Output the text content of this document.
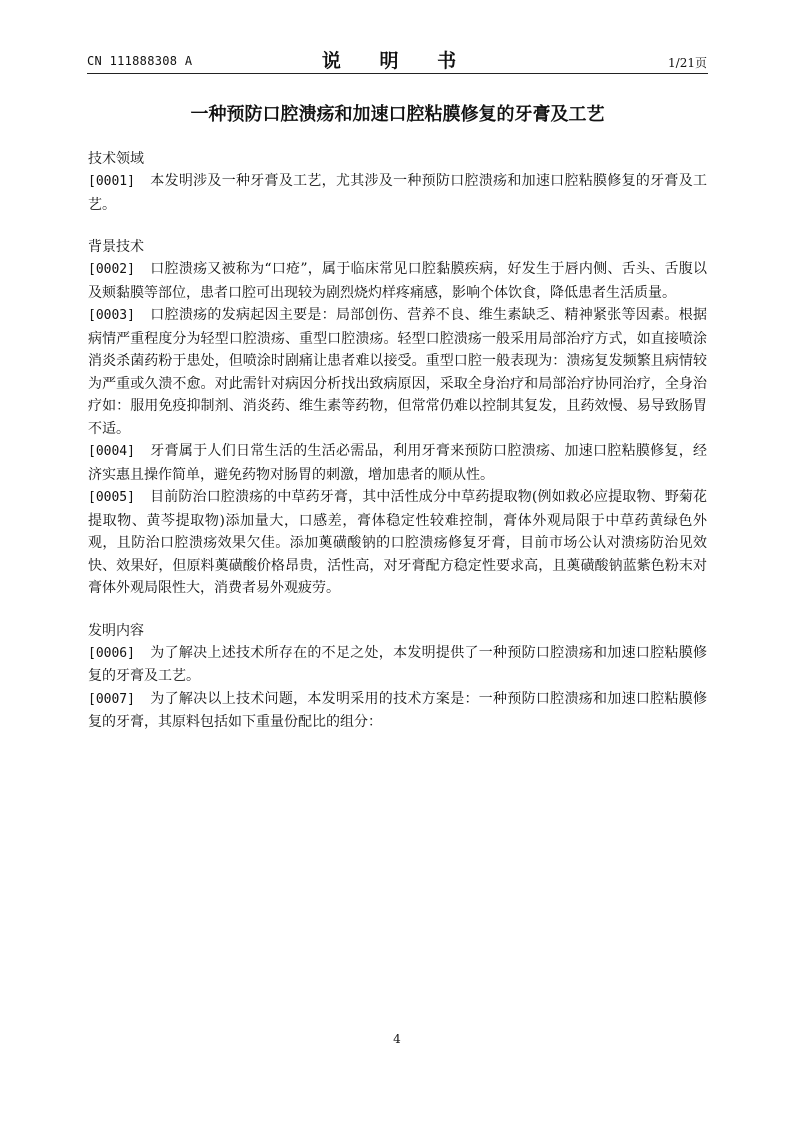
CN 111888308 A	说 明 书	1/21页
一种预防口腔溃疡和加速口腔粘膜修复的牙膏及工艺

技术领域

[0001] 本发明涉及一种牙膏及工艺，尤其涉及一种预防口腔溃疡和加速口腔粘膜修复的牙膏及工艺。

背景技术

[0002] 口腔溃疡又被称为“口疮”，属于临床常见口腔黏膜疾病，好发生于唇内侧、舌头、舌腹以及颊黏膜等部位，患者口腔可出现较为剧烈烧灼样疼痛感，影响个体饮食，降低患者生活质量。

[0003] 口腔溃疡的发病起因主要是：局部创伤、营养不良、维生素缺乏、精神紧张等因素。根据病情严重程度分为轻型口腔溃疡、重型口腔溃疡。轻型口腔溃疡一般采用局部治疗方式，如直接喷涂消炎杀菌药粉于患处，但喷涂时剧痛让患者难以接受。重型口腔一般表现为：溃疡复发频繁且病情较为严重或久溃不愈。对此需针对病因分析找出致病原因，采取全身治疗和局部治疗协同治疗，全身治疗如：服用免疫抑制剂、消炎药、维生素等药物，但常常仍难以控制其复发，且药效慢、易导致肠胃不适。

[0004] 牙膏属于人们日常生活的生活必需品，利用牙膏来预防口腔溃疡、加速口腔粘膜修复，经济实惠且操作简单，避免药物对肠胃的刺激，增加患者的顺从性。

[0005] 目前防治口腔溃疡的中草药牙膏，其中活性成分中草药提取物(例如救必应提取物、野菊花提取物、黄芩提取物)添加量大，口感差，膏体稳定性较难控制，膏体外观局限于中草药黄绿色外观，且防治口腔溃疡效果欠佳。添加薁磺酸钠的口腔溃疡修复牙膏，目前市场公认对溃疡防治见效快、效果好，但原料薁磺酸价格昂贵，活性高，对牙膏配方稳定性要求高，且薁磺酸钠蓝紫色粉末对膏体外观局限性大，消费者易外观疲劳。

发明内容

[0006] 为了解决上述技术所存在的不足之处，本发明提供了一种预防口腔溃疡和加速口腔粘膜修复的牙膏及工艺。

[0007] 为了解决以上技术问题，本发明采用的技术方案是：一种预防口腔溃疡和加速口腔粘膜修复的牙膏，其原料包括如下重量份配比的组分：

4
